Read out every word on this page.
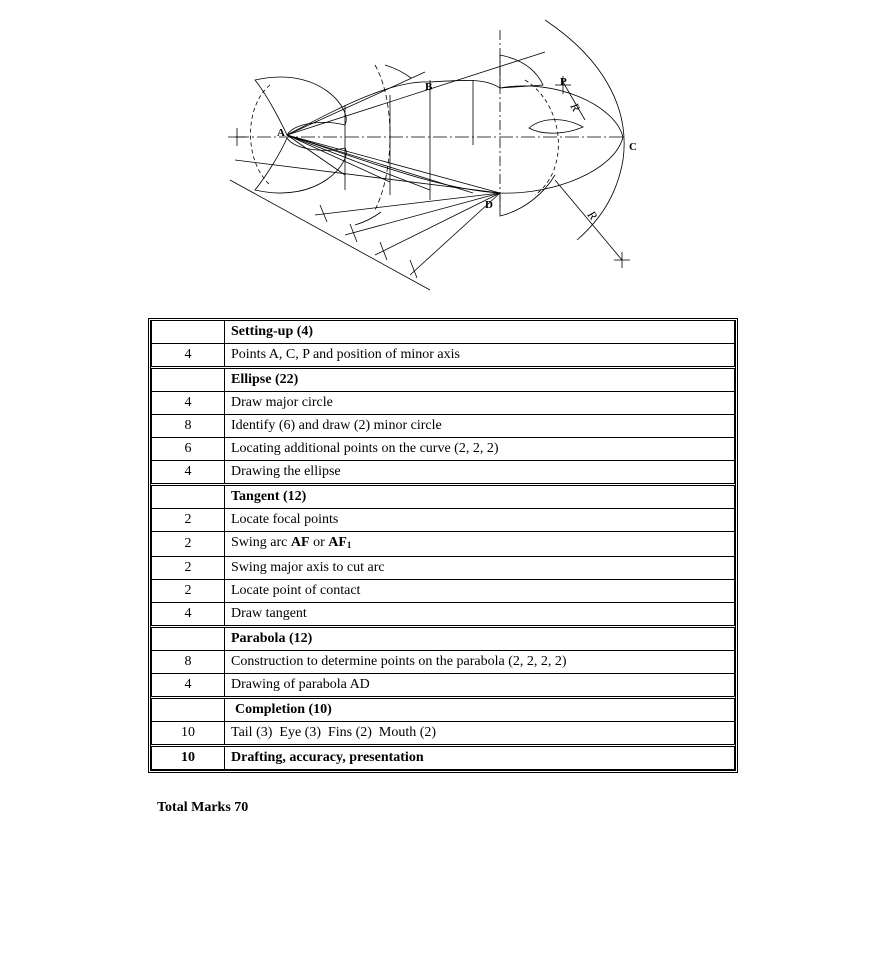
A
B
C
D
P
R
R
	Setting-up (4)
4	Points A, C, P and position of minor axis
	Ellipse (22)
4	Draw major circle
8	Identify (6) and draw (2) minor circle
6	Locating additional points on the curve (2, 2, 2)
4	Drawing the ellipse
	Tangent (12)
2	Locate focal points
2	Swing arc AF or $AF_1$
2	Swing major axis to cut arc
2	Locate point of contact
4	Draw tangent
	Parabola (12)
8	Construction to determine points on the parabola (2, 2, 2, 2)
4	Drawing of parabola AD
	Completion (10)
10	Tail (3)  Eye (3)  Fins (2)  Mouth (2)
10	Drafting, accuracy, presentation
Total Marks 70
